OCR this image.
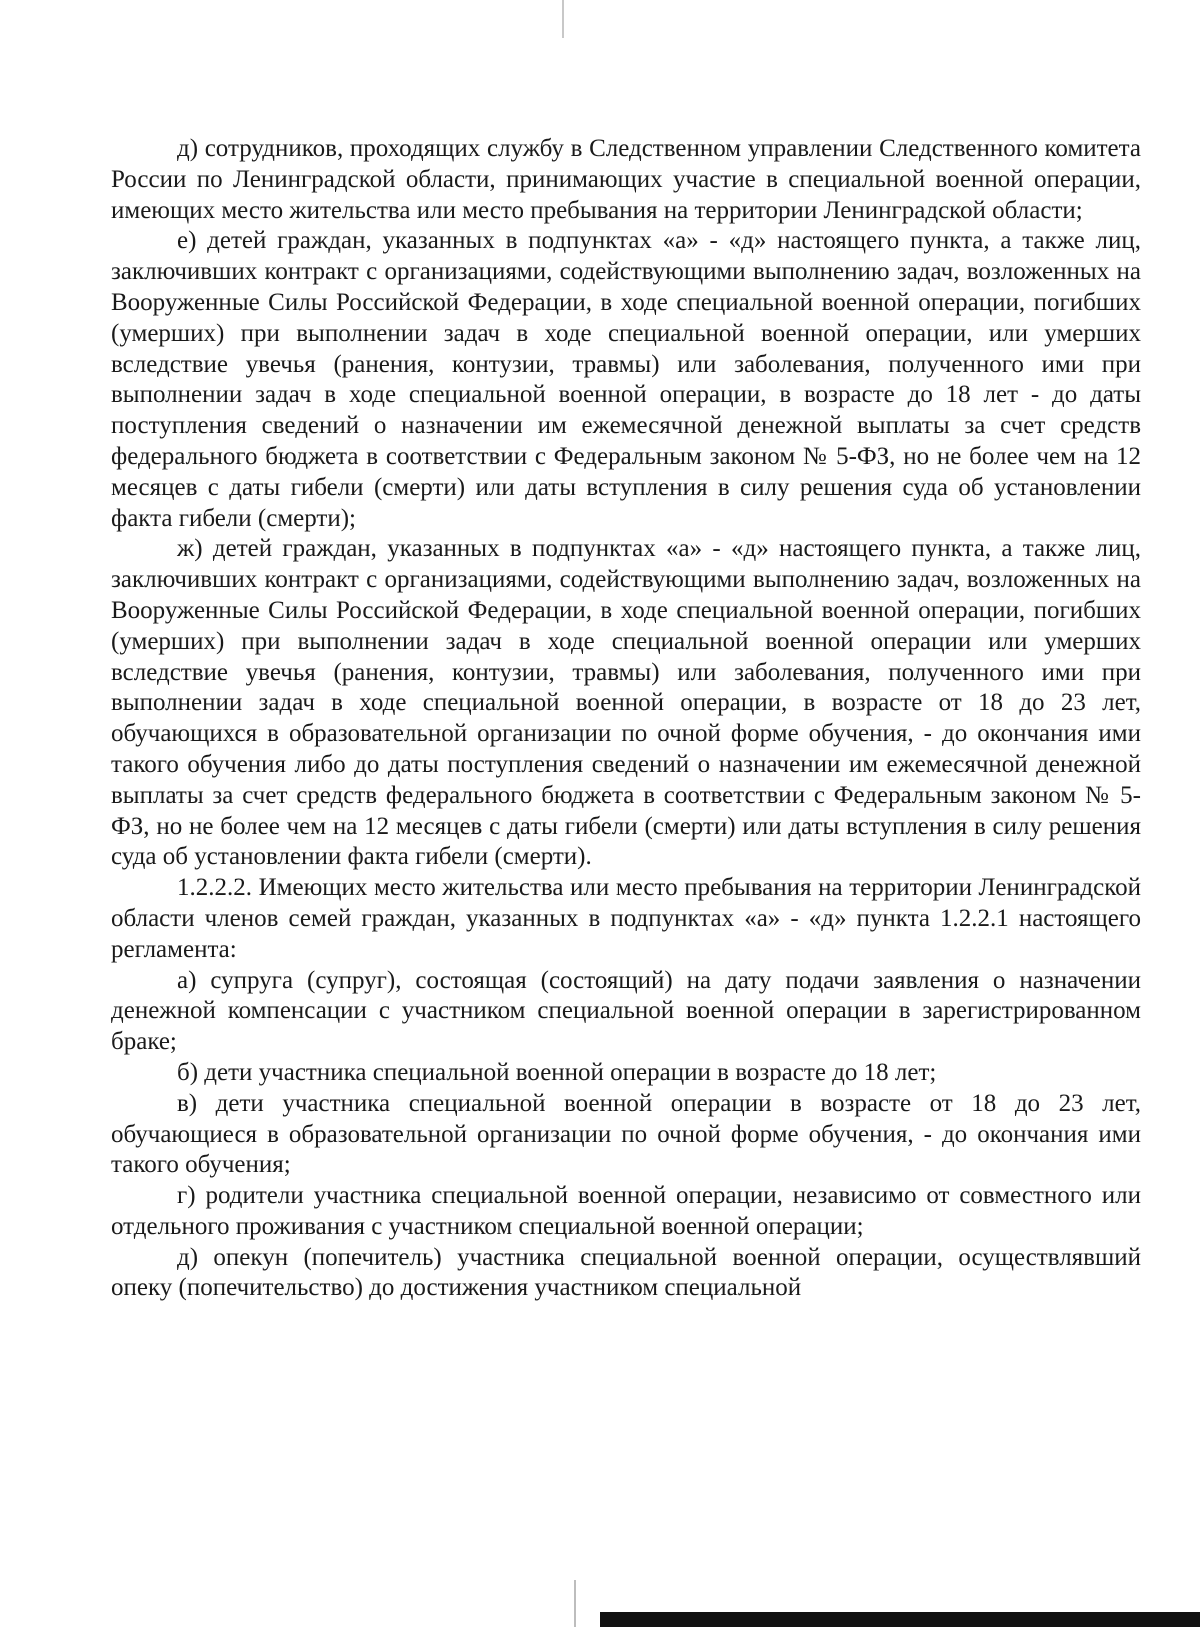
д) сотрудников, проходящих службу в Следственном управлении Следственного комитета России по Ленинградской области, принимающих участие в специальной военной операции, имеющих место жительства или место пребывания на территории Ленинградской области;

е) детей граждан, указанных в подпунктах «а» - «д» настоящего пункта, а также лиц, заключивших контракт с организациями, содействующими выполнению задач, возложенных на Вооруженные Силы Российской Федерации, в ходе специальной военной операции, погибших (умерших) при выполнении задач в ходе специальной военной операции, или умерших вследствие увечья (ранения, контузии, травмы) или заболевания, полученного ими при выполнении задач в ходе специальной военной операции, в возрасте до 18 лет - до даты поступления сведений о назначении им ежемесячной денежной выплаты за счет средств федерального бюджета в соответствии с Федеральным законом № 5-ФЗ, но не более чем на 12 месяцев с даты гибели (смерти) или даты вступления в силу решения суда об установлении факта гибели (смерти);

ж) детей граждан, указанных в подпунктах «а» - «д» настоящего пункта, а также лиц, заключивших контракт с организациями, содействующими выполнению задач, возложенных на Вооруженные Силы Российской Федерации, в ходе специальной военной операции, погибших (умерших) при выполнении задач в ходе специальной военной операции или умерших вследствие увечья (ранения, контузии, травмы) или заболевания, полученного ими при выполнении задач в ходе специальной военной операции, в возрасте от 18 до 23 лет, обучающихся в образовательной организации по очной форме обучения, - до окончания ими такого обучения либо до даты поступления сведений о назначении им ежемесячной денежной выплаты за счет средств федерального бюджета в соответствии с Федеральным законом № 5-ФЗ, но не более чем на 12 месяцев с даты гибели (смерти) или даты вступления в силу решения суда об установлении факта гибели (смерти).

1.2.2.2. Имеющих место жительства или место пребывания на территории Ленинградской области членов семей граждан, указанных в подпунктах «а» - «д» пункта 1.2.2.1 настоящего регламента:

а) супруга (супруг), состоящая (состоящий) на дату подачи заявления о назначении денежной компенсации с участником специальной военной операции в зарегистрированном браке;

б) дети участника специальной военной операции в возрасте до 18 лет;

в) дети участника специальной военной операции в возрасте от 18 до 23 лет, обучающиеся в образовательной организации по очной форме обучения, - до окончания ими такого обучения;

г) родители участника специальной военной операции, независимо от совместного или отдельного проживания с участником специальной военной операции;

д) опекун (попечитель) участника специальной военной операции, осуществлявший опеку (попечительство) до достижения участником специальной
